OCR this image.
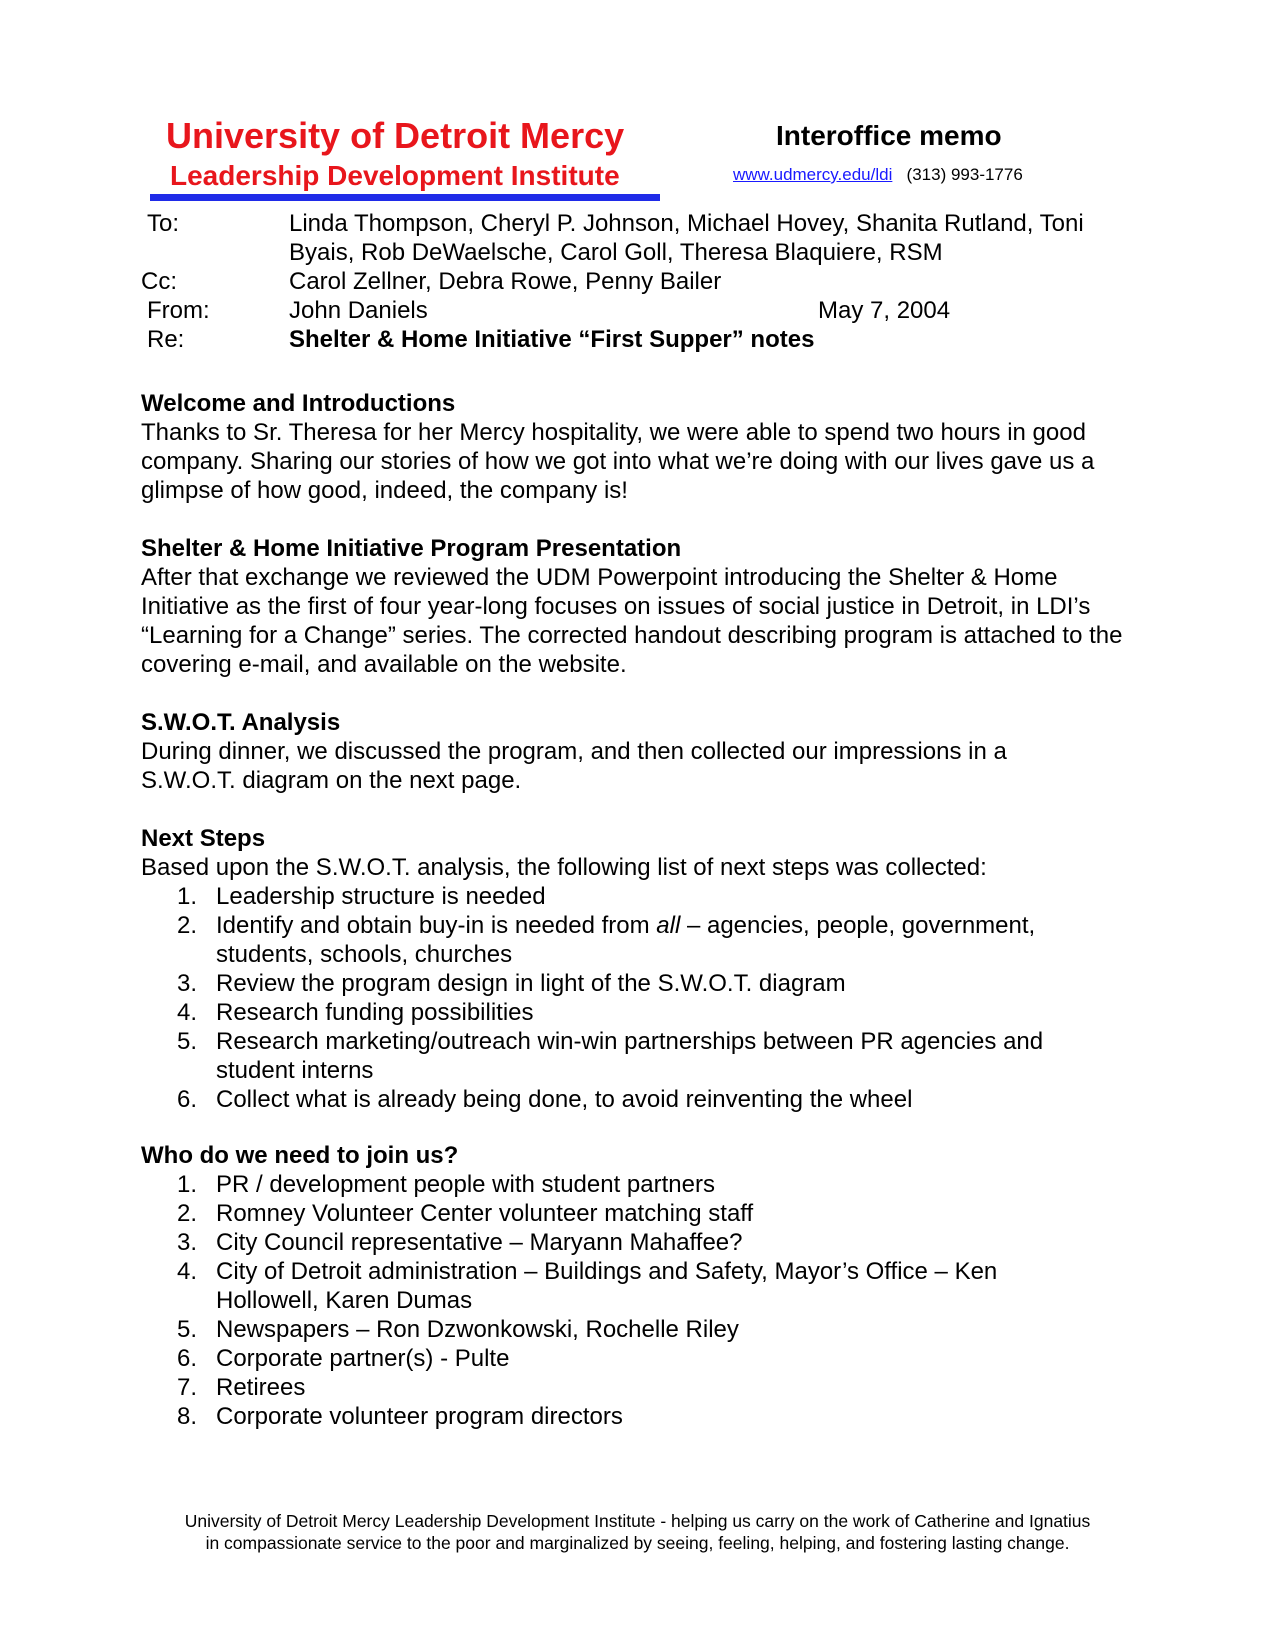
University of Detroit Mercy
Leadership Development Institute
Interoffice memo
www.udmercy.edu/ldi (313) 993-1776
To:	Linda Thompson, Cheryl P. Johnson, Michael Hovey, Shanita Rutland, Toni
Byais, Rob DeWaelsche, Carol Goll, Theresa Blaquiere, RSM
Cc:	Carol Zellner, Debra Rowe, Penny Bailer
From:	John Daniels	May 7, 2004
Re:	Shelter & Home Initiative “First Supper” notes
Welcome and Introductions
Thanks to Sr. Theresa for her Mercy hospitality, we were able to spend two hours in good company. Sharing our stories of how we got into what we’re doing with our lives gave us a glimpse of how good, indeed, the company is!
Shelter & Home Initiative Program Presentation
After that exchange we reviewed the UDM Powerpoint introducing the Shelter & Home Initiative as the first of four year-long focuses on issues of social justice in Detroit, in LDI’s “Learning for a Change” series. The corrected handout describing program is attached to the covering e-mail, and available on the website.
S.W.O.T. Analysis
During dinner, we discussed the program, and then collected our impressions in a S.W.O.T. diagram on the next page.
Next Steps
Based upon the S.W.O.T. analysis, the following list of next steps was collected:
1. Leadership structure is needed
2. Identify and obtain buy-in is needed from all – agencies, people, government, students, schools, churches
3. Review the program design in light of the S.W.O.T. diagram
4. Research funding possibilities
5. Research marketing/outreach win-win partnerships between PR agencies and student interns
6. Collect what is already being done, to avoid reinventing the wheel
Who do we need to join us?
1. PR / development people with student partners
2. Romney Volunteer Center volunteer matching staff
3. City Council representative – Maryann Mahaffee?
4. City of Detroit administration – Buildings and Safety, Mayor’s Office – Ken Hollowell, Karen Dumas
5. Newspapers – Ron Dzwonkowski, Rochelle Riley
6. Corporate partner(s) - Pulte
7. Retirees
8. Corporate volunteer program directors
University of Detroit Mercy Leadership Development Institute - helping us carry on the work of Catherine and Ignatius
in compassionate service to the poor and marginalized by seeing, feeling, helping, and fostering lasting change.
